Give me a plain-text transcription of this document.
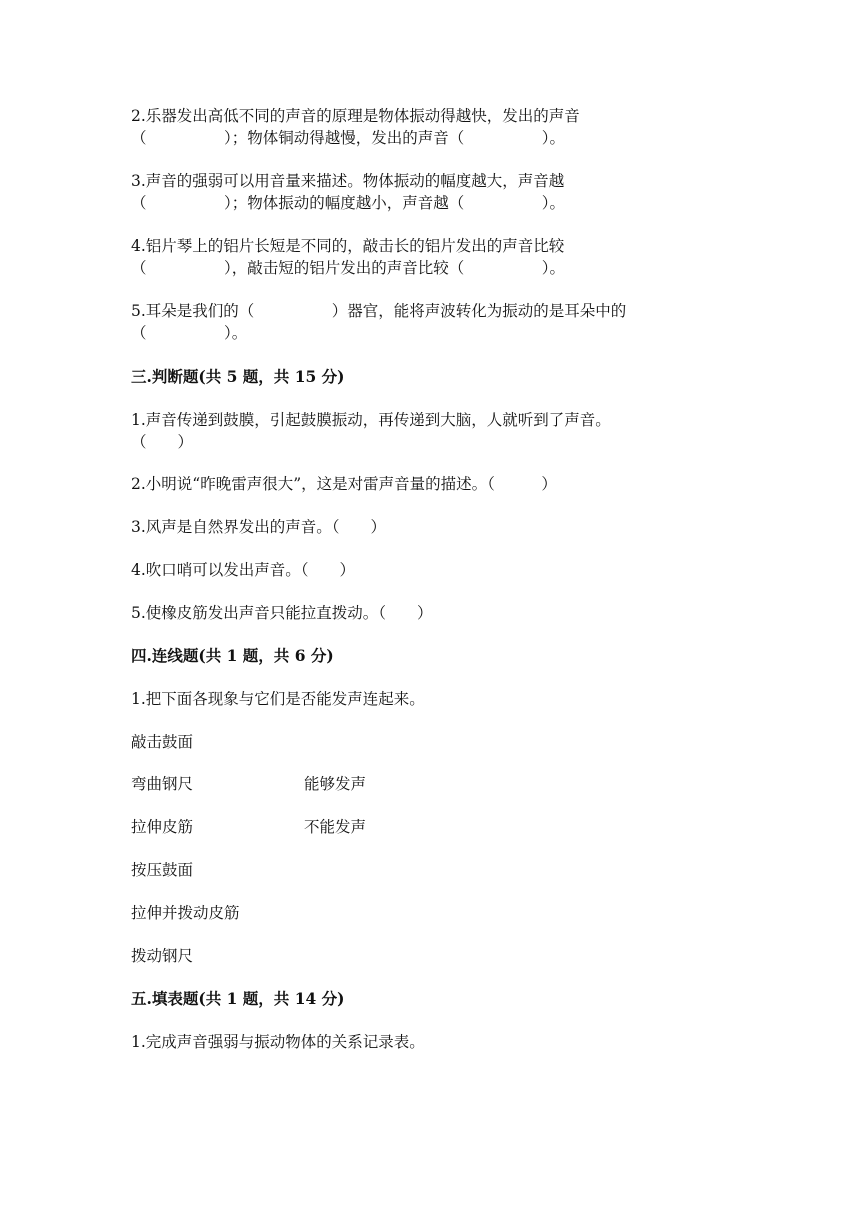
2.乐器发出高低不同的声音的原理是物体振动得越快，发出的声音
（　　　　　）；物体铜动得越慢，发出的声音（　　　　　）。
3.声音的强弱可以用音量来描述。物体振动的幅度越大，声音越
（　　　　　）；物体振动的幅度越小，声音越（　　　　　）。
4.铝片琴上的铝片长短是不同的，敲击长的铝片发出的声音比较
（　　　　　），敲击短的铝片发出的声音比较（　　　　　）。
5.耳朵是我们的（　　　　　）器官，能将声波转化为振动的是耳朵中的
（　　　　　）。
三.判断题(共 5 题，共 15 分)
1.声音传递到鼓膜，引起鼓膜振动，再传递到大脑，人就听到了声音。
（　　）
2.小明说“昨晚雷声很大”，这是对雷声音量的描述。（　　　）
3.风声是自然界发出的声音。（　　）
4.吹口哨可以发出声音。（　　）
5.使橡皮筋发出声音只能拉直拨动。（　　）
四.连线题(共 1 题，共 6 分)
1.把下面各现象与它们是否能发声连起来。
敲击鼓面
弯曲钢尺	能够发声
拉伸皮筋	不能发声
按压鼓面
拉伸并拨动皮筋
拨动钢尺
五.填表题(共 1 题，共 14 分)
1.完成声音强弱与振动物体的关系记录表。
